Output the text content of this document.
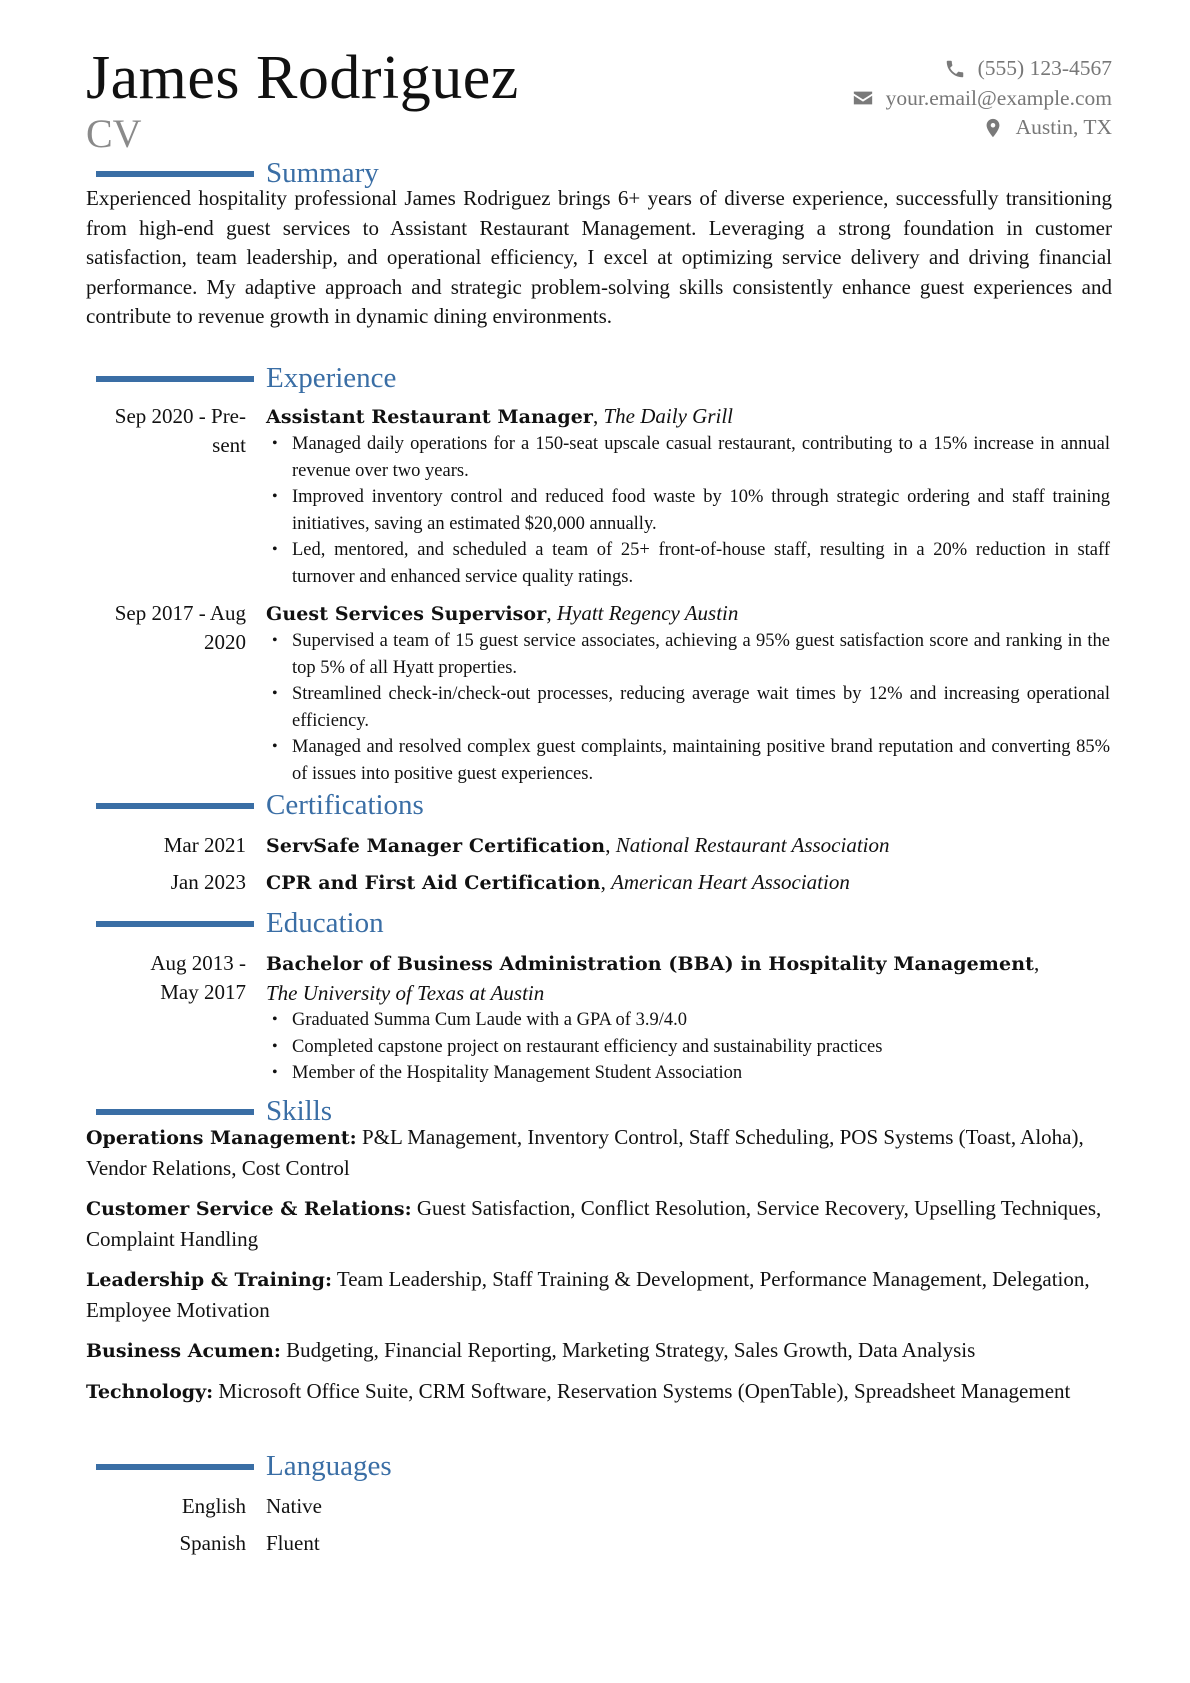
James Rodriguez
CV
(555) 123-4567
your.email@example.com
Austin, TX
Summary
Experienced hospitality professional James Rodriguez brings 6+ years of diverse experience, successfully transitioning from high-end guest services to Assistant Restaurant Management. Leveraging a strong foundation in customer satisfaction, team leadership, and operational efficiency, I excel at optimizing service delivery and driving financial performance. My adaptive approach and strategic problem-solving skills consistently enhance guest experiences and contribute to revenue growth in dynamic dining environments.
Experience
Sep 2020 - Pre-
sent
Assistant Restaurant Manager, The Daily Grill
• Managed daily operations for a 150-seat upscale casual restaurant, contributing to a 15% increase in annual revenue over two years.
• Improved inventory control and reduced food waste by 10% through strategic ordering and staff training initiatives, saving an estimated $20,000 annually.
• Led, mentored, and scheduled a team of 25+ front-of-house staff, resulting in a 20% reduction in staff turnover and enhanced service quality ratings.
Sep 2017 - Aug
2020
Guest Services Supervisor, Hyatt Regency Austin
• Supervised a team of 15 guest service associates, achieving a 95% guest satisfaction score and ranking in the top 5% of all Hyatt properties.
• Streamlined check-in/check-out processes, reducing average wait times by 12% and increasing operational efficiency.
• Managed and resolved complex guest complaints, maintaining positive brand reputation and converting 85% of issues into positive guest experiences.
Certifications
Mar 2021 ServSafe Manager Certification, National Restaurant Association
Jan 2023 CPR and First Aid Certification, American Heart Association
Education
Aug 2013 -
May 2017
Bachelor of Business Administration (BBA) in Hospitality Management,
The University of Texas at Austin
• Graduated Summa Cum Laude with a GPA of 3.9/4.0
• Completed capstone project on restaurant efficiency and sustainability practices
• Member of the Hospitality Management Student Association
Skills
Operations Management: P&L Management, Inventory Control, Staff Scheduling, POS Systems (Toast, Aloha), Vendor Relations, Cost Control
Customer Service & Relations: Guest Satisfaction, Conflict Resolution, Service Recovery, Upselling Techniques, Complaint Handling
Leadership & Training: Team Leadership, Staff Training & Development, Performance Management, Delegation, Employee Motivation
Business Acumen: Budgeting, Financial Reporting, Marketing Strategy, Sales Growth, Data Analysis
Technology: Microsoft Office Suite, CRM Software, Reservation Systems (OpenTable), Spreadsheet Management
Languages
English Native
Spanish Fluent
